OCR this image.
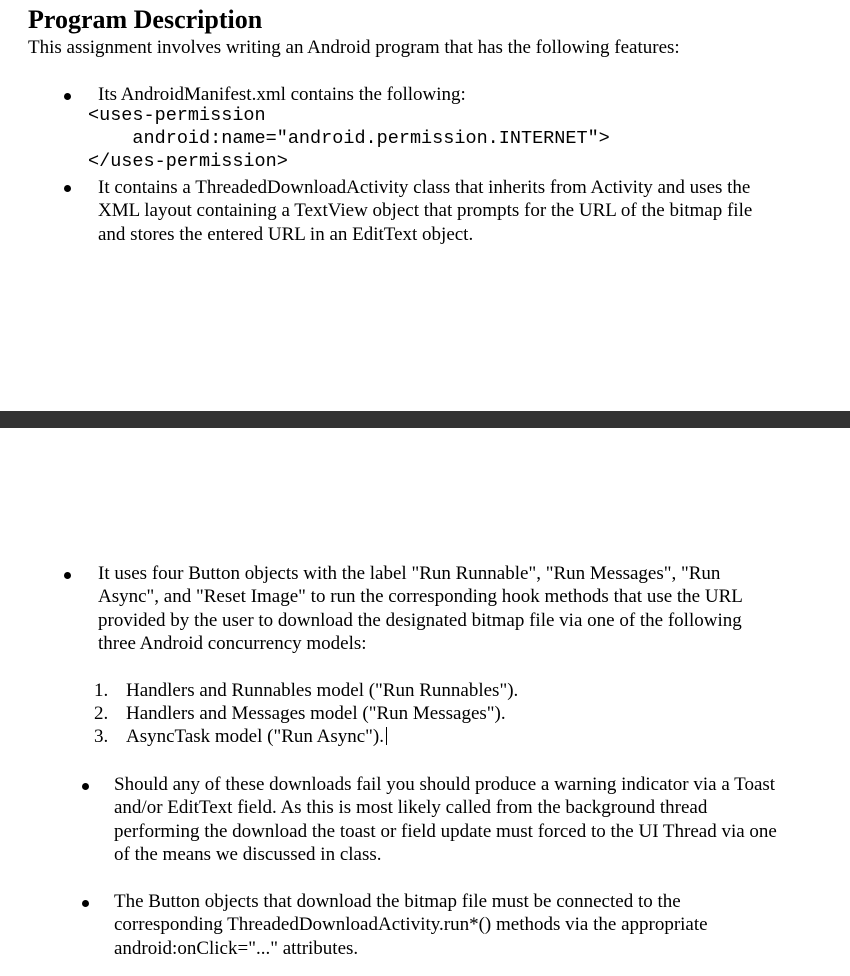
Program Description

This assignment involves writing an Android program that has the following features:

Its AndroidManifest.xml contains the following:

<uses-permission

android:name="android.permission.INTERNET">

</uses-permission>

It contains a ThreadedDownloadActivity class that inherits from Activity and uses the
XML layout containing a TextView object that prompts for the URL of the bitmap file
and stores the entered URL in an EditText object.

It uses four Button objects with the label "Run Runnable", "Run Messages", "Run
Async", and "Reset Image" to run the corresponding hook methods that use the URL
provided by the user to download the designated bitmap file via one of the following
three Android concurrency models:

1. Handlers and Runnables model ("Run Runnables").

2. Handlers and Messages model ("Run Messages").

3. AsyncTask model ("Run Async").

Should any of these downloads fail you should produce a warning indicator via a Toast
and/or EditText field. As this is most likely called from the background thread
performing the download the toast or field update must forced to the UI Thread via one
of the means we discussed in class.

The Button objects that download the bitmap file must be connected to the
corresponding ThreadedDownloadActivity.run*() methods via the appropriate
android:onClick="..." attributes.
